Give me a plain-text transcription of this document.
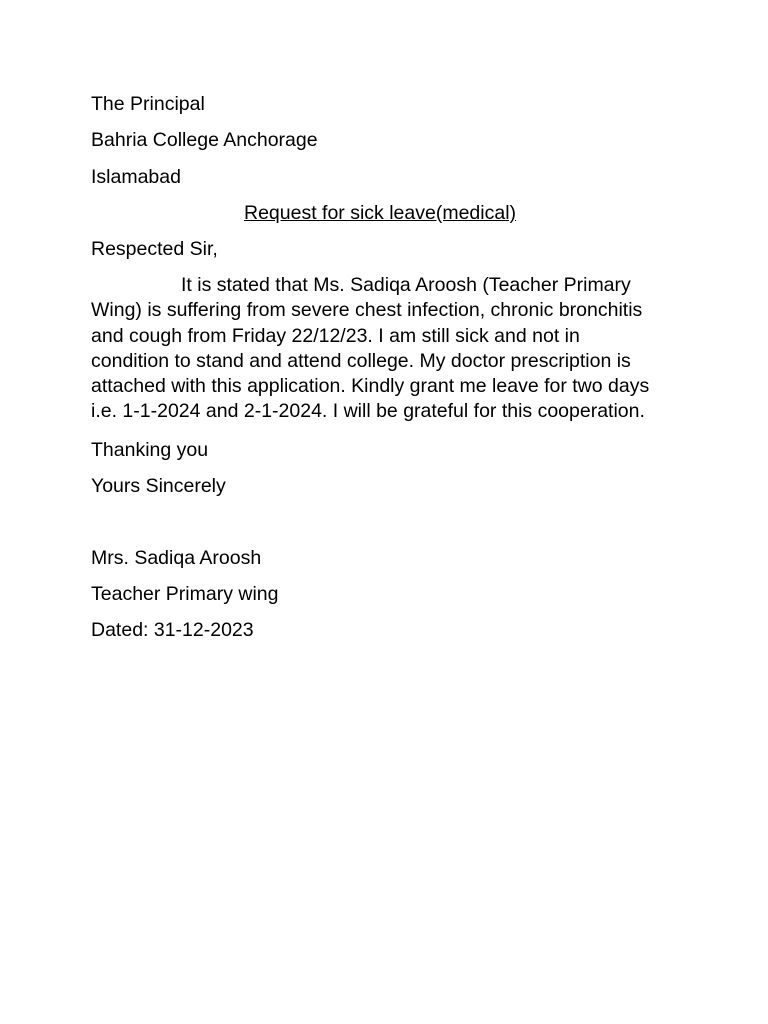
The Principal
Bahria College Anchorage
Islamabad
Request for sick leave(medical)
Respected Sir,
It is stated that Ms. Sadiqa Aroosh (Teacher Primary
Wing) is suffering from severe chest infection, chronic bronchitis
and cough from Friday 22/12/23. I am still sick and not in
condition to stand and attend college. My doctor prescription is
attached with this application. Kindly grant me leave for two days
i.e. 1-1-2024 and 2-1-2024. I will be grateful for this cooperation.
Thanking you
Yours Sincerely
Mrs. Sadiqa Aroosh
Teacher Primary wing
Dated: 31-12-2023
